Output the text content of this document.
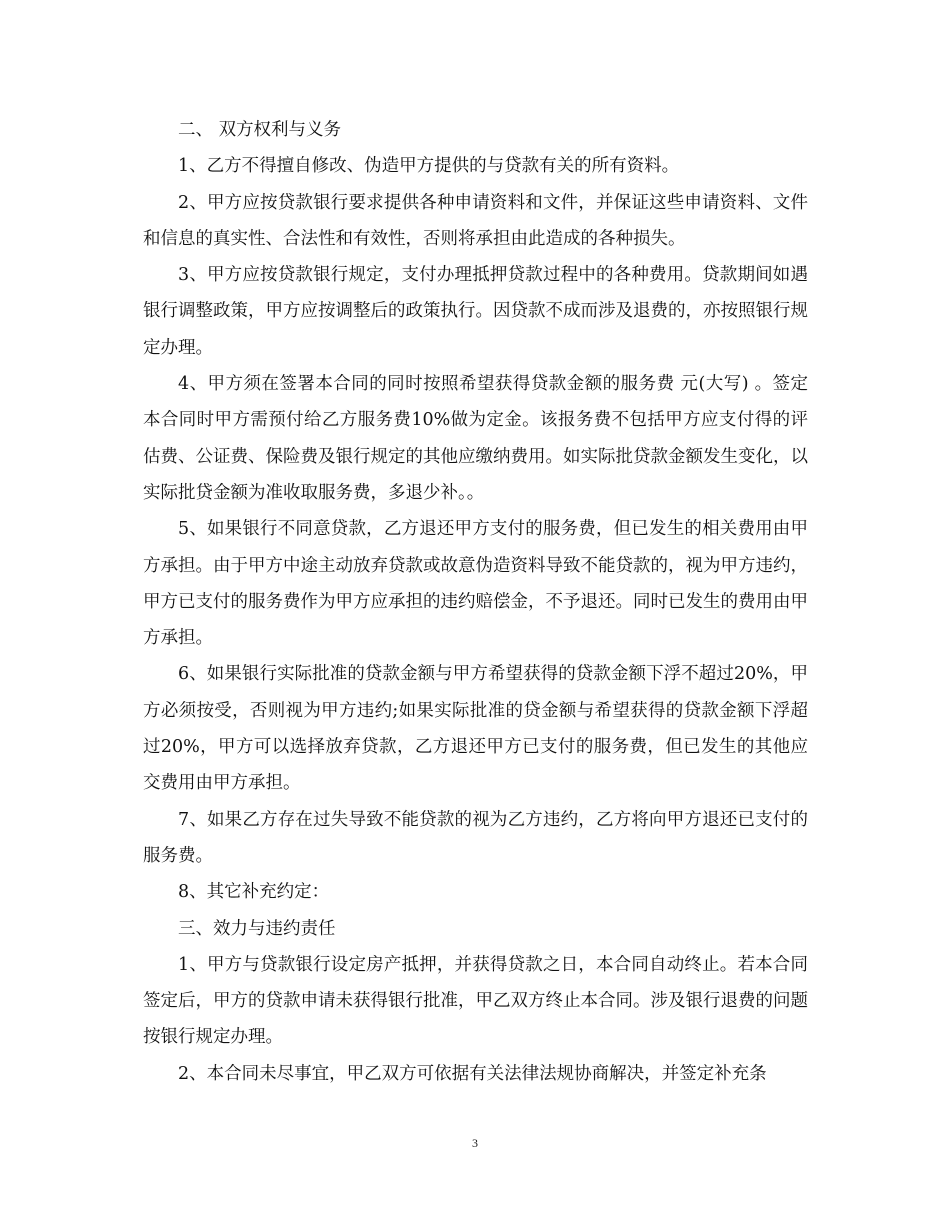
二、 双方权利与义务

1、乙方不得擅自修改、伪造甲方提供的与贷款有关的所有资料。

2、甲方应按贷款银行要求提供各种申请资料和文件，并保证这些申请资料、文件和信息的真实性、合法性和有效性，否则将承担由此造成的各种损失。

3、甲方应按贷款银行规定，支付办理抵押贷款过程中的各种费用。贷款期间如遇银行调整政策，甲方应按调整后的政策执行。因贷款不成而涉及退费的，亦按照银行规定办理。

4、甲方须在签署本合同的同时按照希望获得贷款金额的服务费 元(大写) 。签定本合同时甲方需预付给乙方服务费10%做为定金。该报务费不包括甲方应支付得的评估费、公证费、保险费及银行规定的其他应缴纳费用。如实际批贷款金额发生变化，以实际批贷金额为准收取服务费，多退少补。。

5、如果银行不同意贷款，乙方退还甲方支付的服务费，但已发生的相关费用由甲方承担。由于甲方中途主动放弃贷款或故意伪造资料导致不能贷款的，视为甲方违约，甲方已支付的服务费作为甲方应承担的违约赔偿金，不予退还。同时已发生的费用由甲方承担。

6、如果银行实际批准的贷款金额与甲方希望获得的贷款金额下浮不超过20%，甲方必须按受，否则视为甲方违约;如果实际批准的贷金额与希望获得的贷款金额下浮超过20%，甲方可以选择放弃贷款，乙方退还甲方已支付的服务费，但已发生的其他应交费用由甲方承担。

7、如果乙方存在过失导致不能贷款的视为乙方违约，乙方将向甲方退还已支付的服务费。

8、其它补充约定：

三、效力与违约责任

1、甲方与贷款银行设定房产抵押，并获得贷款之日，本合同自动终止。若本合同签定后，甲方的贷款申请未获得银行批准，甲乙双方终止本合同。涉及银行退费的问题按银行规定办理。

2、本合同未尽事宜，甲乙双方可依据有关法律法规协商解决，并签定补充条

3
